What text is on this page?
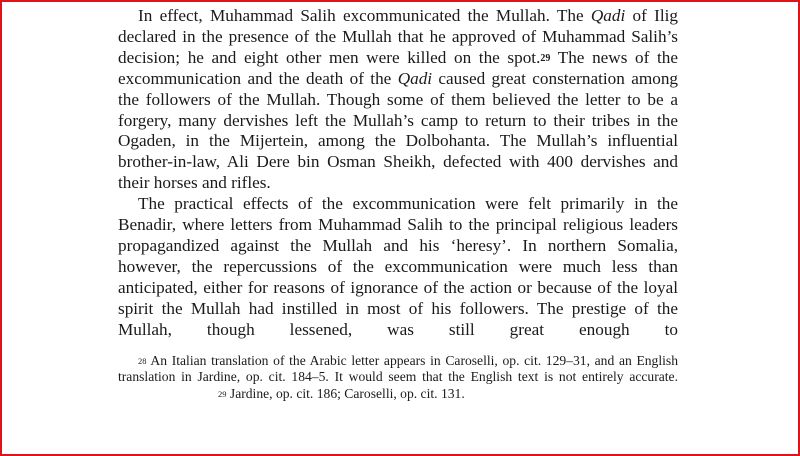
In effect, Muhammad Salih excommunicated the Mullah. The Qadi of Ilig declared in the presence of the Mullah that he approved of Muhammad Salih’s decision; he and eight other men were killed on the spot.$^{29}$ The news of the excommunication and the death of the Qadi caused great consternation among the followers of the Mullah. Though some of them believed the letter to be a forgery, many dervishes left the Mullah’s camp to return to their tribes in the Ogaden, in the Mijertein, among the Dolbohanta. The Mullah’s influential brother-in-law, Ali Dere bin Osman Sheikh, defected with 400 dervishes and their horses and rifles.

The practical effects of the excommunication were felt primarily in the Benadir, where letters from Muhammad Salih to the principal religious leaders propagandized against the Mullah and his ‘heresy’. In northern Somalia, however, the repercussions of the excommunication were much less than anticipated, either for reasons of ignorance of the action or because of the loyal spirit the Mullah had instilled in most of his followers. The prestige of the Mullah, though lessened, was still great enough to

$^{28}$ An Italian translation of the Arabic letter appears in Caroselli, op. cit. 129–31, and an English translation in Jardine, op. cit. 184–5. It would seem that the English text is not entirely accurate.$^{29}$ Jardine, op. cit. 186; Caroselli, op. cit. 131.
